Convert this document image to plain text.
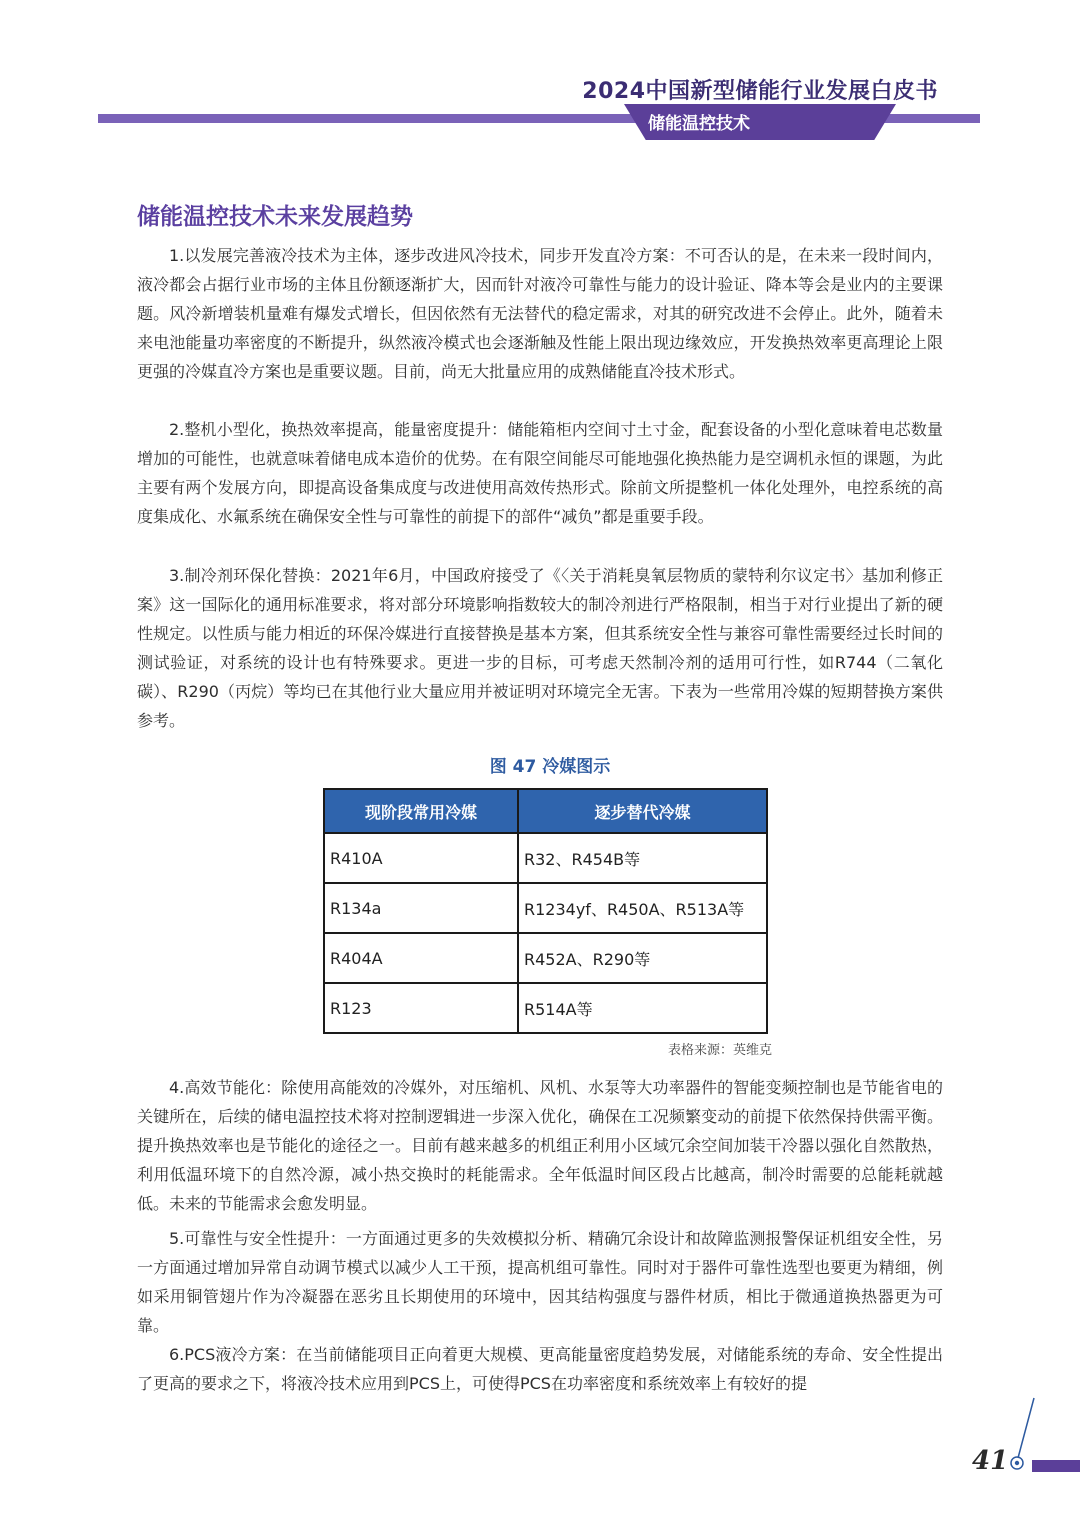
2024中国新型储能行业发展白皮书
储能温控技术
储能温控技术未来发展趋势

1.以发展完善液冷技术为主体，逐步改进风冷技术，同步开发直冷方案：不可否认的是，在未来一段时间内，液冷都会占据行业市场的主体且份额逐渐扩大，因而针对液冷可靠性与能力的设计验证、降本等会是业内的主要课题。风冷新增装机量难有爆发式增长，但因依然有无法替代的稳定需求，对其的研究改进不会停止。此外，随着未来电池能量功率密度的不断提升，纵然液冷模式也会逐渐触及性能上限出现边缘效应，开发换热效率更高理论上限更强的冷媒直冷方案也是重要议题。目前，尚无大批量应用的成熟储能直冷技术形式。

2.整机小型化，换热效率提高，能量密度提升：储能箱柜内空间寸土寸金，配套设备的小型化意味着电芯数量增加的可能性，也就意味着储电成本造价的优势。在有限空间能尽可能地强化换热能力是空调机永恒的课题，为此主要有两个发展方向，即提高设备集成度与改进使用高效传热形式。除前文所提整机一体化处理外，电控系统的高度集成化、水氟系统在确保安全性与可靠性的前提下的部件“减负”都是重要手段。

3.制冷剂环保化替换：2021年6月，中国政府接受了《〈关于消耗臭氧层物质的蒙特利尔议定书〉基加利修正案》这一国际化的通用标准要求，将对部分环境影响指数较大的制冷剂进行严格限制，相当于对行业提出了新的硬性规定。以性质与能力相近的环保冷媒进行直接替换是基本方案，但其系统安全性与兼容可靠性需要经过长时间的测试验证，对系统的设计也有特殊要求。更进一步的目标，可考虑天然制冷剂的适用可行性，如R744（二氧化碳）、R290（丙烷）等均已在其他行业大量应用并被证明对环境完全无害。下表为一些常用冷媒的短期替换方案供参考。

图 47 冷媒图示
现阶段常用冷媒	逐步替代冷媒
R410A	R32、R454B等
R134a	R1234yf、R450A、R513A等
R404A	R452A、R290等
R123	R514A等
表格来源：英维克

4.高效节能化：除使用高能效的冷媒外，对压缩机、风机、水泵等大功率器件的智能变频控制也是节能省电的关键所在，后续的储电温控技术将对控制逻辑进一步深入优化，确保在工况频繁变动的前提下依然保持供需平衡。提升换热效率也是节能化的途径之一。目前有越来越多的机组正利用小区域冗余空间加装干冷器以强化自然散热，利用低温环境下的自然冷源，减小热交换时的耗能需求。全年低温时间区段占比越高，制冷时需要的总能耗就越低。未来的节能需求会愈发明显。

5.可靠性与安全性提升：一方面通过更多的失效模拟分析、精确冗余设计和故障监测报警保证机组安全性，另一方面通过增加异常自动调节模式以减少人工干预，提高机组可靠性。同时对于器件可靠性选型也要更为精细，例如采用铜管翅片作为冷凝器在恶劣且长期使用的环境中，因其结构强度与器件材质，相比于微通道换热器更为可靠。

6.PCS液冷方案：在当前储能项目正向着更大规模、更高能量密度趋势发展，对储能系统的寿命、安全性提出了更高的要求之下，将液冷技术应用到PCS上，可使得PCS在功率密度和系统效率上有较好的提

41
